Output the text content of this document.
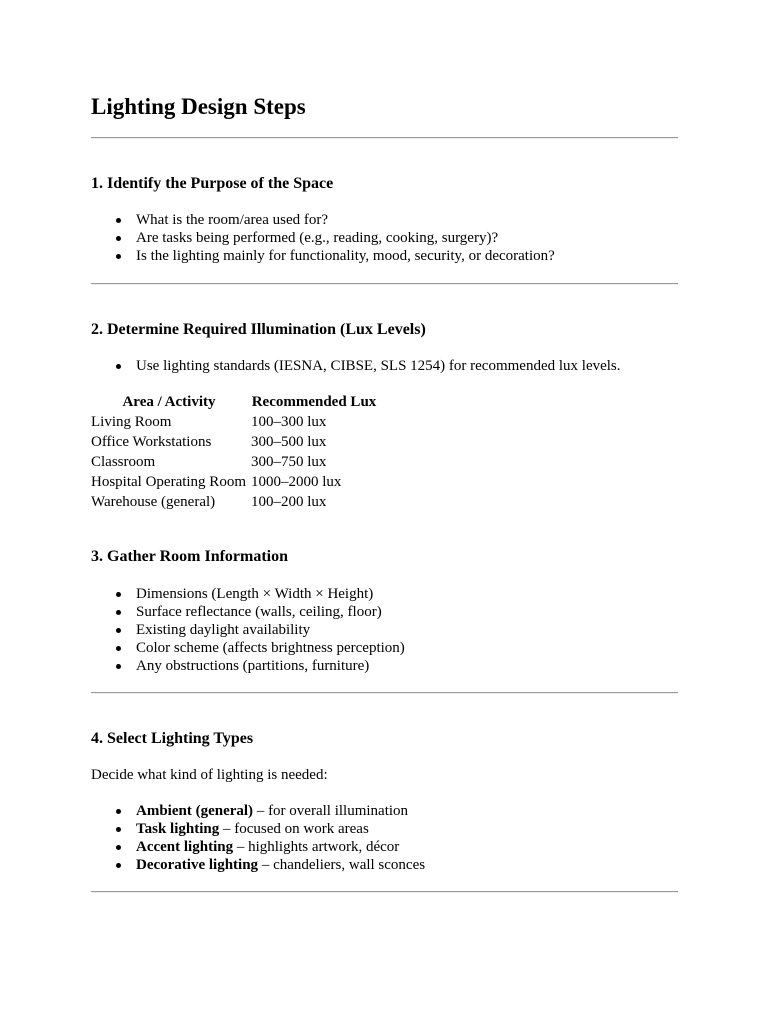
Lighting Design Steps
1. Identify the Purpose of the Space
What is the room/area used for?
Are tasks being performed (e.g., reading, cooking, surgery)?
Is the lighting mainly for functionality, mood, security, or decoration?
2. Determine Required Illumination (Lux Levels)
Use lighting standards (IESNA, CIBSE, SLS 1254) for recommended lux levels.
Area / Activity	Recommended Lux
Living Room	100–300 lux
Office Workstations	300–500 lux
Classroom	300–750 lux
Hospital Operating Room	1000–2000 lux
Warehouse (general)	100–200 lux
3. Gather Room Information
Dimensions (Length × Width × Height)
Surface reflectance (walls, ceiling, floor)
Existing daylight availability
Color scheme (affects brightness perception)
Any obstructions (partitions, furniture)
4. Select Lighting Types

Decide what kind of lighting is needed:

Ambient (general) – for overall illumination
Task lighting – focused on work areas
Accent lighting – highlights artwork, décor
Decorative lighting – chandeliers, wall sconces
